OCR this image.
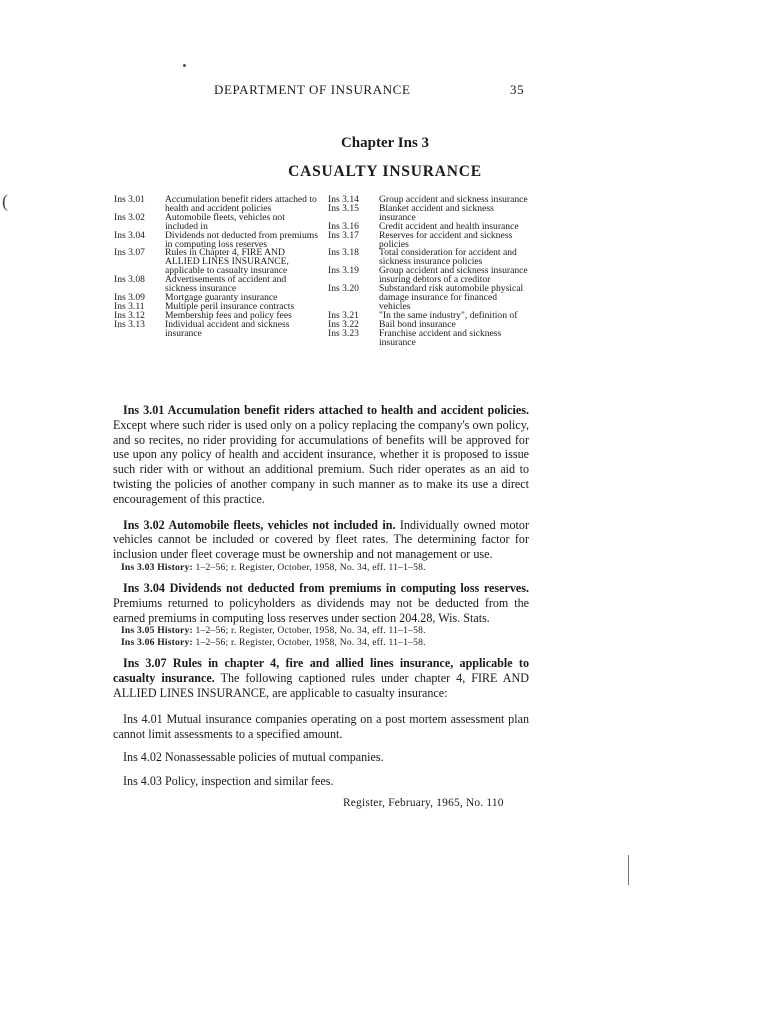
(
DEPARTMENT OF INSURANCE	35
Chapter Ins 3
CASUALTY INSURANCE
Ins 3.01	Accumulation benefit riders attached to health and accident policies
Ins 3.02	Automobile fleets, vehicles not included in
Ins 3.04	Dividends not deducted from premiums in computing loss reserves
Ins 3.07	Rules in Chapter 4, FIRE AND ALLIED LINES INSURANCE, applicable to casualty insurance
Ins 3.08	Advertisements of accident and sickness insurance
Ins 3.09	Mortgage guaranty insurance
Ins 3.11	Multiple peril insurance contracts
Ins 3.12	Membership fees and policy fees
Ins 3.13	Individual accident and sickness insurance
Ins 3.14	Group accident and sickness insurance
Ins 3.15	Blanket accident and sickness insurance
Ins 3.16	Credit accident and health insurance
Ins 3.17	Reserves for accident and sickness policies
Ins 3.18	Total consideration for accident and sickness insurance policies
Ins 3.19	Group accident and sickness insurance insuring debtors of a creditor
Ins 3.20	Substandard risk automobile physical damage insurance for financed vehicles
Ins 3.21	"In the same industry", definition of
Ins 3.22	Bail bond insurance
Ins 3.23	Franchise accident and sickness insurance

Ins 3.01 Accumulation benefit riders attached to health and accident policies. Except where such rider is used only on a policy replacing the company's own policy, and so recites, no rider providing for accumulations of benefits will be approved for use upon any policy of health and accident insurance, whether it is proposed to issue such rider with or without an additional premium. Such rider operates as an aid to twisting the policies of another company in such manner as to make its use a direct encouragement of this practice.

Ins 3.02 Automobile fleets, vehicles not included in. Individually owned motor vehicles cannot be included or covered by fleet rates. The determining factor for inclusion under fleet coverage must be ownership and not management or use.

Ins 3.03 History: 1–2–56; r. Register, October, 1958, No. 34, eff. 11–1–58.

Ins 3.04 Dividends not deducted from premiums in computing loss reserves. Premiums returned to policyholders as dividends may not be deducted from the earned premiums in computing loss reserves under section 204.28, Wis. Stats.

Ins 3.05 History: 1–2–56; r. Register, October, 1958, No. 34, eff. 11–1–58.

Ins 3.06 History: 1–2–56; r. Register, October, 1958, No. 34, eff. 11–1–58.

Ins 3.07 Rules in chapter 4, fire and allied lines insurance, applicable to casualty insurance. The following captioned rules under chapter 4, FIRE AND ALLIED LINES INSURANCE, are applicable to casualty insurance:

Ins 4.01 Mutual insurance companies operating on a post mortem assessment plan cannot limit assessments to a specified amount.

Ins 4.02 Nonassessable policies of mutual companies.

Ins 4.03 Policy, inspection and similar fees.

Register, February, 1965, No. 110
